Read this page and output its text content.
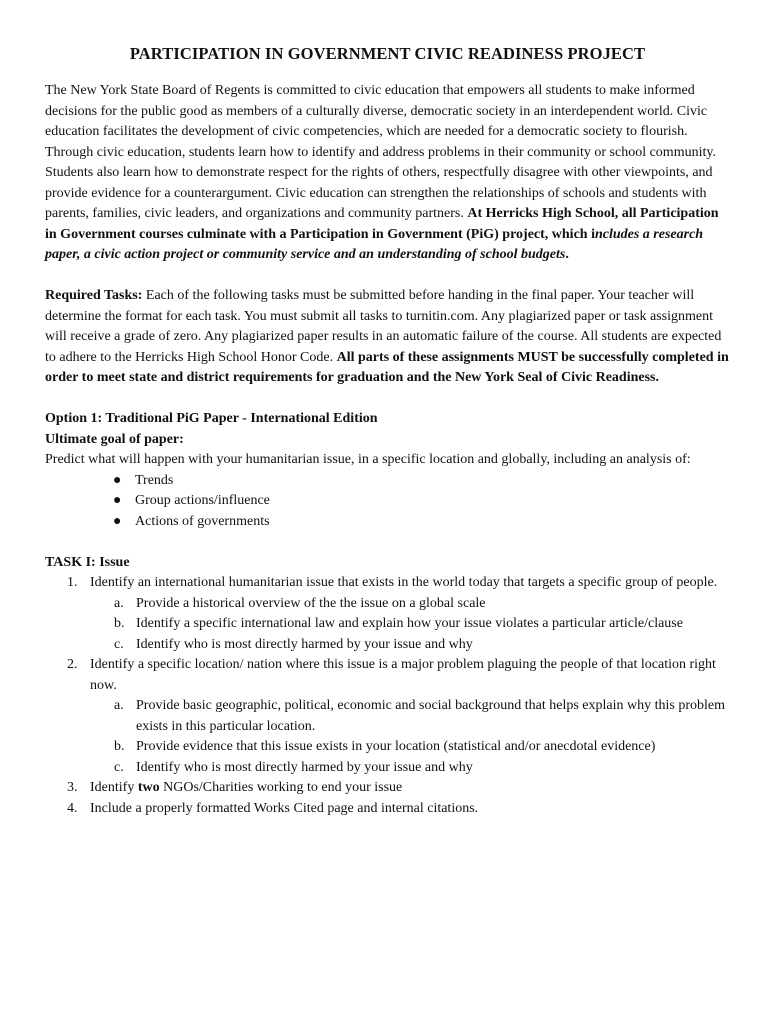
PARTICIPATION IN GOVERNMENT CIVIC READINESS PROJECT

The New York State Board of Regents is committed to civic education that empowers all students to make informed decisions for the public good as members of a culturally diverse, democratic society in an interdependent world. Civic education facilitates the development of civic competencies, which are needed for a democratic society to flourish. Through civic education, students learn how to identify and address problems in their community or school community. Students also learn how to demonstrate respect for the rights of others, respectfully disagree with other viewpoints, and provide evidence for a counterargument. Civic education can strengthen the relationships of schools and students with parents, families, civic leaders, and organizations and community partners. At Herricks High School, all Participation in Government courses culminate with a Participation in Government (PiG) project, which includes a research paper, a civic action project or community service and an understanding of school budgets.

Required Tasks: Each of the following tasks must be submitted before handing in the final paper. Your teacher will determine the format for each task. You must submit all tasks to turnitin.com. Any plagiarized paper or task assignment will receive a grade of zero. Any plagiarized paper results in an automatic failure of the course. All students are expected to adhere to the Herricks High School Honor Code. All parts of these assignments MUST be successfully completed in order to meet state and district requirements for graduation and the New York Seal of Civic Readiness.

Option 1: Traditional PiG Paper - International Edition

Ultimate goal of paper:

Predict what will happen with your humanitarian issue, in a specific location and globally, including an analysis of:

● Trends
● Group actions/influence
● Actions of governments

TASK I: Issue

1. Identify an international humanitarian issue that exists in the world today that targets a specific group of people.
a. Provide a historical overview of the the issue on a global scale
b. Identify a specific international law and explain how your issue violates a particular article/clause
c. Identify who is most directly harmed by your issue and why
2. Identify a specific location/ nation where this issue is a major problem plaguing the people of that location right now.
a. Provide basic geographic, political, economic and social background that helps explain why this problem exists in this particular location.
b. Provide evidence that this issue exists in your location (statistical and/or anecdotal evidence)
c. Identify who is most directly harmed by your issue and why
3. Identify two NGOs/Charities working to end your issue
4. Include a properly formatted Works Cited page and internal citations.
